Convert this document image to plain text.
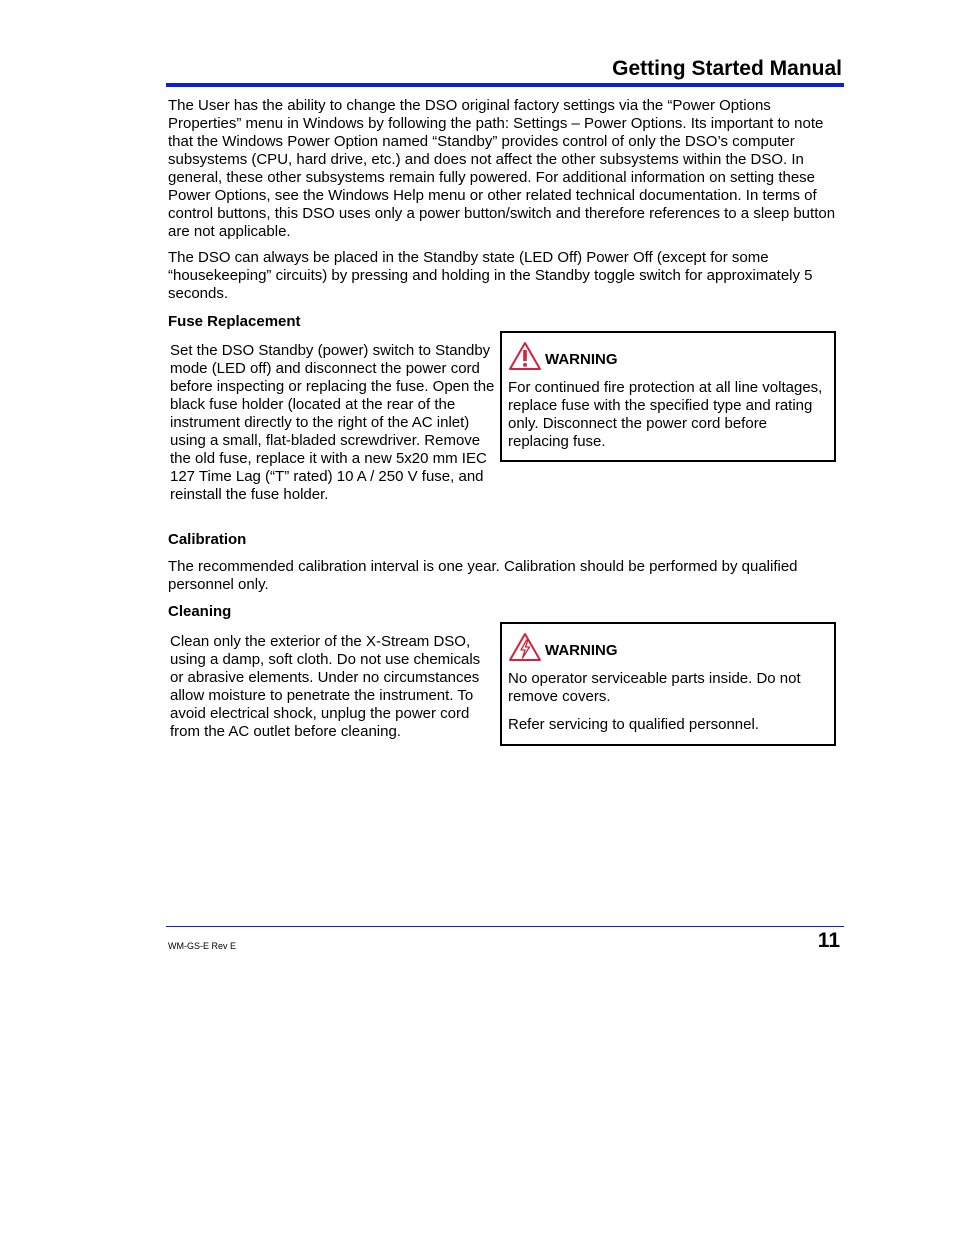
Getting Started Manual

The User has the ability to change the DSO original factory settings via the “Power Options Properties” menu in Windows by following the path: Settings – Power Options. Its important to note that the Windows Power Option named “Standby” provides control of only the DSO’s computer subsystems (CPU, hard drive, etc.) and does not affect the other subsystems within the DSO. In general, these other subsystems remain fully powered. For additional information on setting these Power Options, see the Windows Help menu or other related technical documentation. In terms of control buttons, this DSO uses only a power button/switch and therefore references to a sleep button are not applicable.

The DSO can always be placed in the Standby state (LED Off) Power Off (except for some “housekeeping” circuits) by pressing and holding in the Standby toggle switch for approximately 5 seconds.

Fuse Replacement

Set the DSO Standby (power) switch to Standby mode (LED off) and disconnect the power cord before inspecting or replacing the fuse. Open the black fuse holder (located at the rear of the instrument directly to the right of the AC inlet) using a small, flat-bladed screwdriver. Remove the old fuse, replace it with a new 5x20 mm IEC 127 Time Lag (“T” rated) 10 A / 250 V fuse, and reinstall the fuse holder.

WARNING

For continued fire protection at all line voltages, replace fuse with the specified type and rating only. Disconnect the power cord before replacing fuse.

Calibration

The recommended calibration interval is one year. Calibration should be performed by qualified personnel only.

Cleaning

Clean only the exterior of the X-Stream DSO, using a damp, soft cloth. Do not use chemicals or abrasive elements. Under no circumstances allow moisture to penetrate the instrument. To avoid electrical shock, unplug the power cord from the AC outlet before cleaning.

WARNING

No operator serviceable parts inside. Do not remove covers.

Refer servicing to qualified personnel.

WM-GS-E Rev E	11
